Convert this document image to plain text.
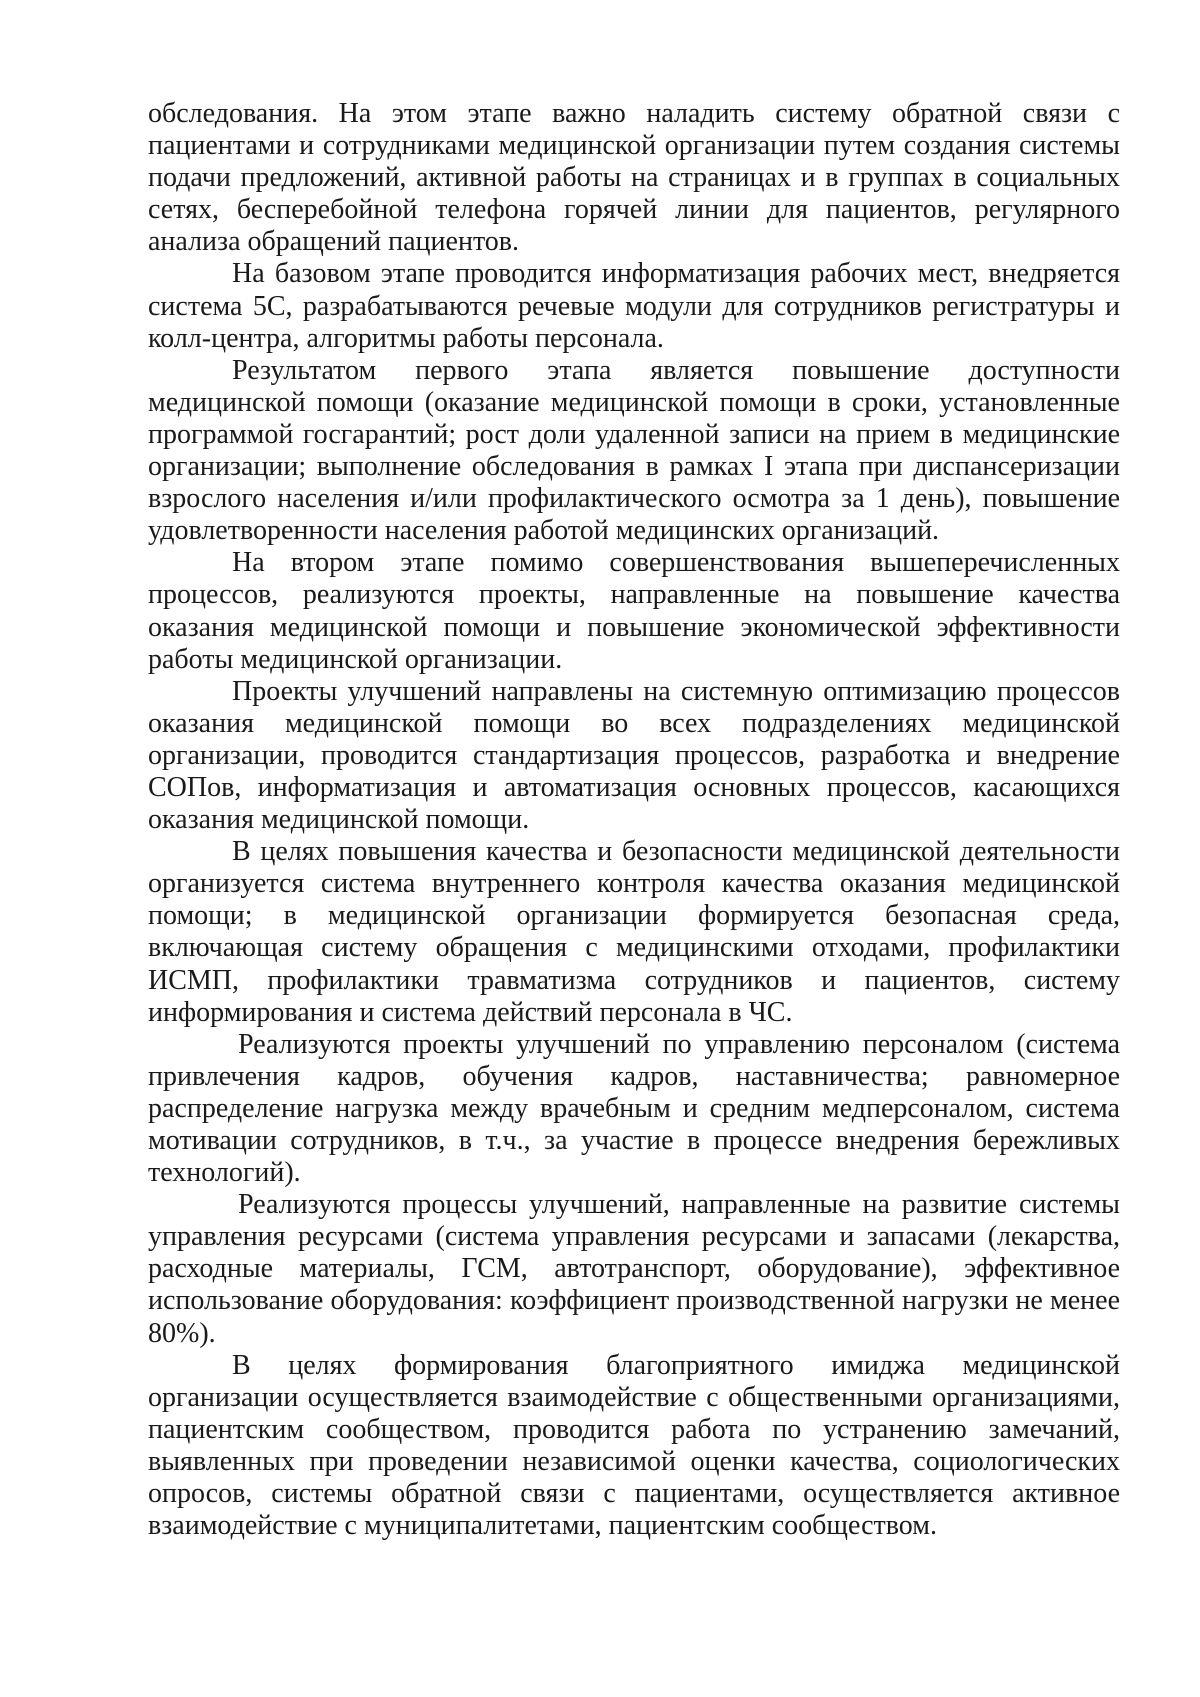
обследования. На этом этапе важно наладить систему обратной связи с пациентами и сотрудниками медицинской организации путем создания системы подачи предложений, активной работы на страницах и в группах в социальных сетях, бесперебойной телефона горячей линии для пациентов, регулярного анализа обращений пациентов.

На базовом этапе проводится информатизация рабочих мест, внедряется система 5С, разрабатываются речевые модули для сотрудников регистратуры и колл-центра, алгоритмы работы персонала.

Результатом первого этапа является повышение доступности медицинской помощи (оказание медицинской помощи в сроки, установленные программой госгарантий; рост доли удаленной записи на прием в медицинские организации; выполнение обследования в рамках I этапа при диспансеризации взрослого населения и/или профилактического осмотра за 1 день), повышение удовлетворенности населения работой медицинских организаций.

На втором этапе помимо совершенствования вышеперечисленных процессов, реализуются проекты, направленные на повышение качества оказания медицинской помощи и повышение экономической эффективности работы медицинской организации.

Проекты улучшений направлены на системную оптимизацию процессов оказания медицинской помощи во всех подразделениях медицинской организации, проводится стандартизация процессов, разработка и внедрение СОПов, информатизация и автоматизация основных процессов, касающихся оказания медицинской помощи.

В целях повышения качества и безопасности медицинской деятельности организуется система внутреннего контроля качества оказания медицинской помощи; в медицинской организации формируется безопасная среда, включающая систему обращения с медицинскими отходами, профилактики ИСМП, профилактики травматизма сотрудников и пациентов, систему информирования и система действий персонала в ЧС.

Реализуются проекты улучшений по управлению персоналом (система привлечения кадров, обучения кадров, наставничества; равномерное распределение нагрузка между врачебным и средним медперсоналом, система мотивации сотрудников, в т.ч., за участие в процессе внедрения бережливых технологий).

Реализуются процессы улучшений, направленные на развитие системы управления ресурсами (система управления ресурсами и запасами (лекарства, расходные материалы, ГСМ, автотранспорт, оборудование), эффективное использование оборудования: коэффициент производственной нагрузки не менее 80%).

В целях формирования благоприятного имиджа медицинской организации осуществляется взаимодействие с общественными организациями, пациентским сообществом, проводится работа по устранению замечаний, выявленных при проведении независимой оценки качества, социологических опросов, системы обратной связи с пациентами, осуществляется активное взаимодействие с муниципалитетами, пациентским сообществом.
